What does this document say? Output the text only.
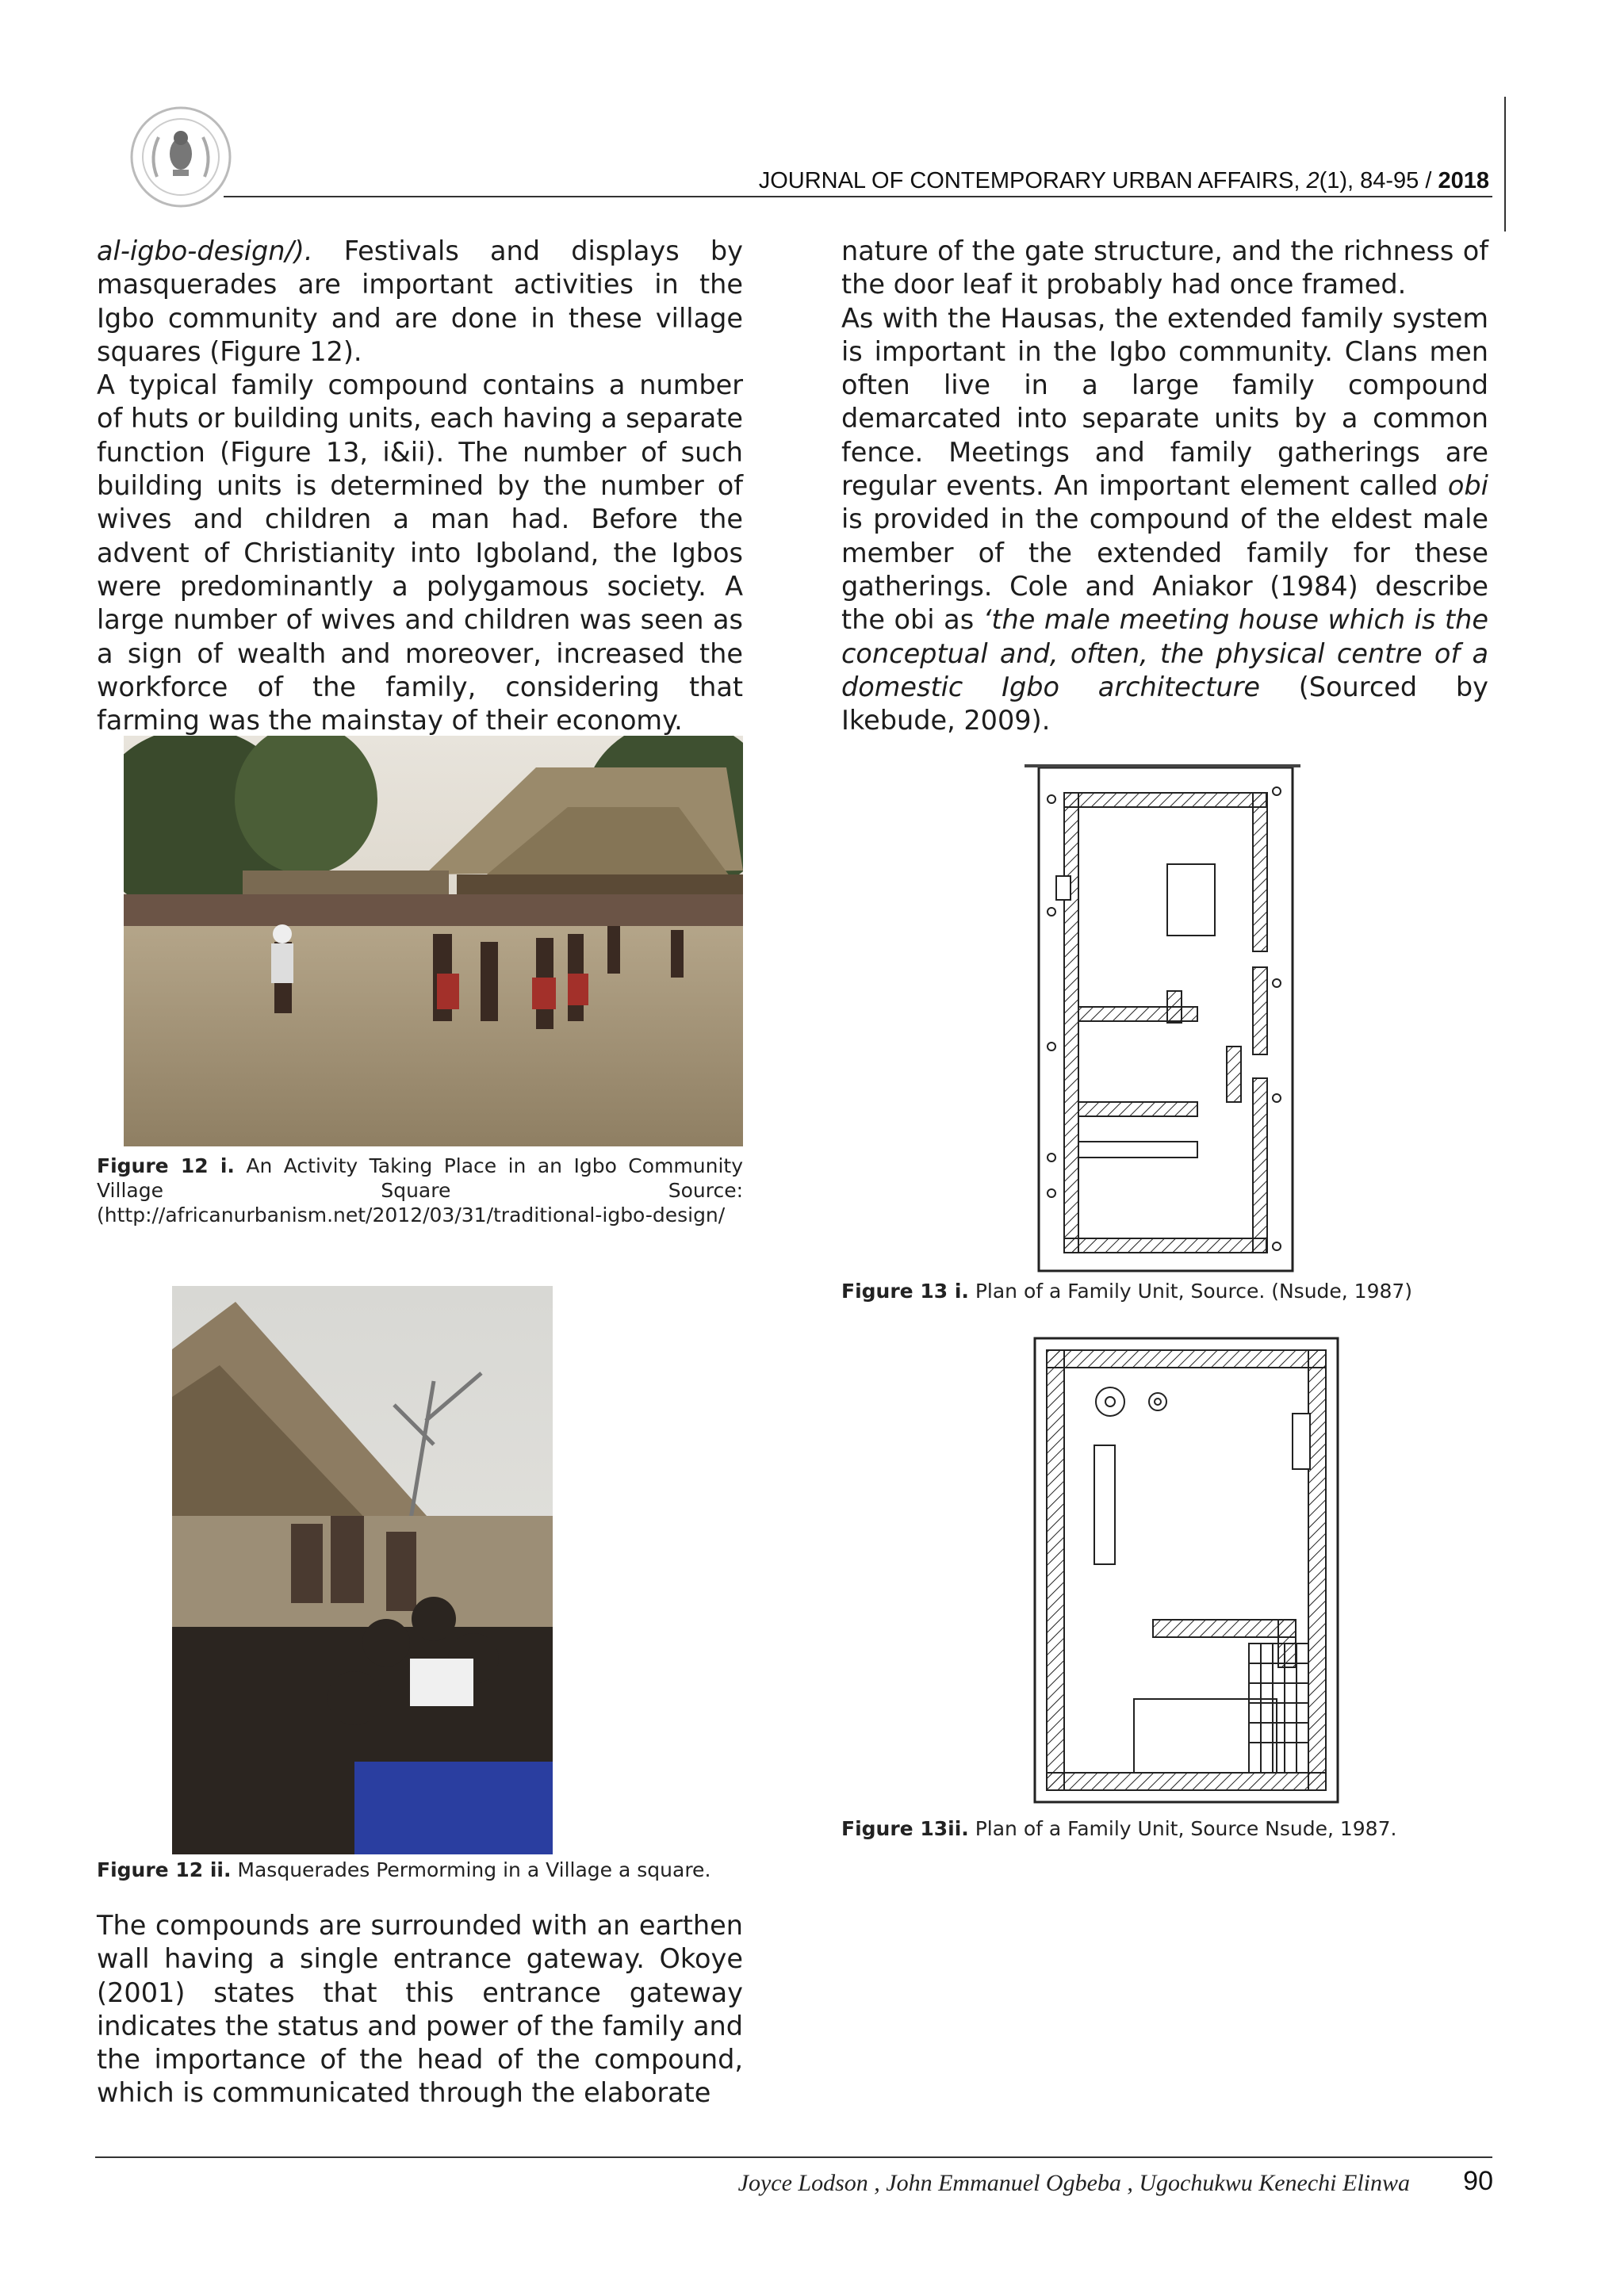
JOURNAL OF CONTEMPORARY URBAN AFFAIRS, 2(1), 84-95 / 2018

al-igbo-design/). Festivals and displays by masquerades are important activities in the Igbo community and are done in these village squares (Figure 12).

A typical family compound contains a number of huts or building units, each having a separate function (Figure 13, i&ii). The number of such building units is determined by the number of wives and children a man had. Before the advent of Christianity into Igboland, the Igbos were predominantly a polygamous society. A large number of wives and children was seen as a sign of wealth and moreover, increased the workforce of the family, considering that farming was the mainstay of their economy.

nature of the gate structure, and the richness of the door leaf it probably had once framed.

As with the Hausas, the extended family system is important in the Igbo community. Clans men often live in a large family compound demarcated into separate units by a common fence. Meetings and family gatherings are regular events. An important element called obi is provided in the compound of the eldest male member of the extended family for these gatherings. Cole and Aniakor (1984) describe the obi as ‘the male meeting house which is the conceptual and, often, the physical centre of a domestic Igbo architecture (Sourced by Ikebude, 2009).

Figure 12 i. An Activity Taking Place in an Igbo Community Village Square Source: (http://africanurbanism.net/2012/03/31/traditional-igbo-design/
Figure 12 ii. Masquerades Permorming in a Village a square.

The compounds are surrounded with an earthen wall having a single entrance gateway. Okoye (2001) states that this entrance gateway indicates the status and power of the family and the importance of the head of the compound, which is communicated through the elaborate

Figure 13 i. Plan of a Family Unit, Source. (Nsude, 1987)
Figure 13ii. Plan of a Family Unit, Source Nsude, 1987.
Joyce Lodson , John Emmanuel Ogbeba , Ugochukwu Kenechi Elinwa 90
